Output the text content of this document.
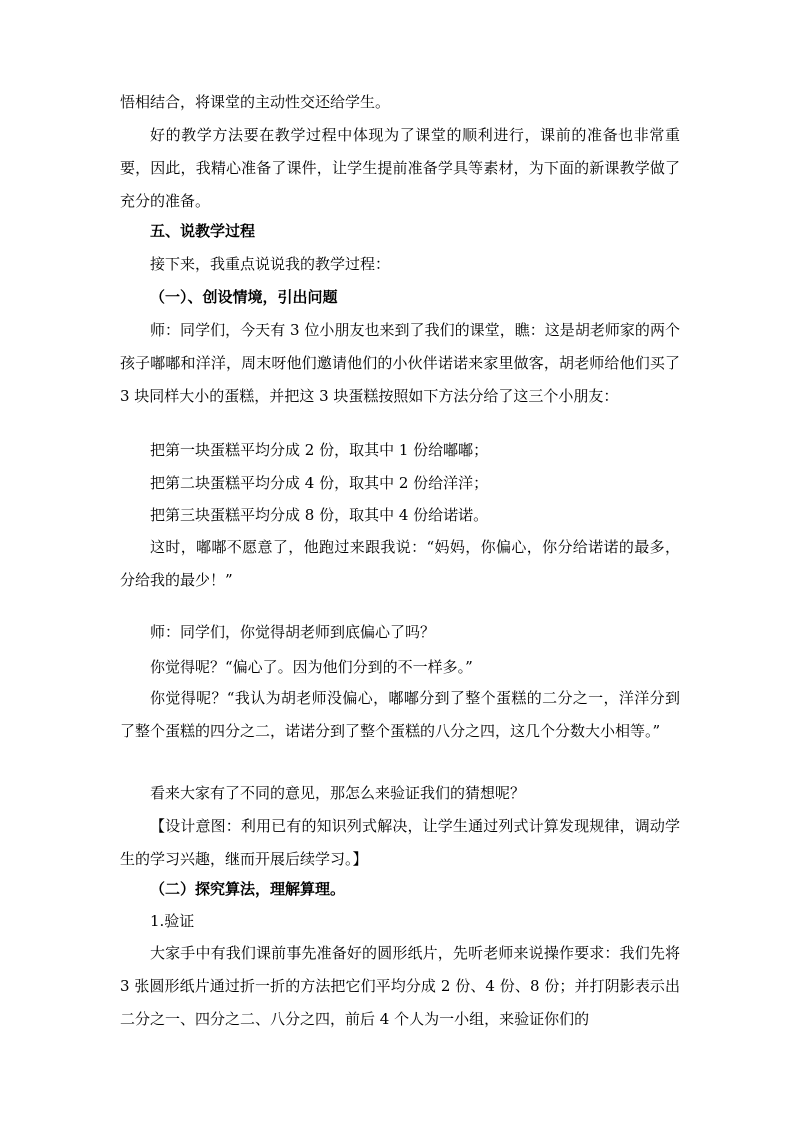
悟相结合，将课堂的主动性交还给学生。

好的教学方法要在教学过程中体现为了课堂的顺利进行，课前的准备也非常重要，因此，我精心准备了课件，让学生提前准备学具等素材，为下面的新课教学做了充分的准备。

五、说教学过程

接下来，我重点说说我的教学过程：

（一）、创设情境，引出问题

师：同学们，今天有 3 位小朋友也来到了我们的课堂，瞧：这是胡老师家的两个孩子嘟嘟和洋洋，周末呀他们邀请他们的小伙伴诺诺来家里做客，胡老师给他们买了 3 块同样大小的蛋糕，并把这 3 块蛋糕按照如下方法分给了这三个小朋友：

把第一块蛋糕平均分成 2 份，取其中 1 份给嘟嘟；

把第二块蛋糕平均分成 4 份，取其中 2 份给洋洋；

把第三块蛋糕平均分成 8 份，取其中 4 份给诺诺。

这时，嘟嘟不愿意了，他跑过来跟我说：“妈妈，你偏心，你分给诺诺的最多，分给我的最少！”

师：同学们，你觉得胡老师到底偏心了吗？

你觉得呢？“偏心了。因为他们分到的不一样多。”

你觉得呢？“我认为胡老师没偏心，嘟嘟分到了整个蛋糕的二分之一，洋洋分到了整个蛋糕的四分之二，诺诺分到了整个蛋糕的八分之四，这几个分数大小相等。”

看来大家有了不同的意见，那怎么来验证我们的猜想呢？

【设计意图：利用已有的知识列式解决，让学生通过列式计算发现规律，调动学生的学习兴趣，继而开展后续学习。】

（二）探究算法，理解算理。

1.验证

大家手中有我们课前事先准备好的圆形纸片，先听老师来说操作要求：我们先将 3 张圆形纸片通过折一折的方法把它们平均分成 2 份、4 份、8 份；并打阴影表示出二分之一、四分之二、八分之四，前后 4 个人为一小组，来验证你们的
